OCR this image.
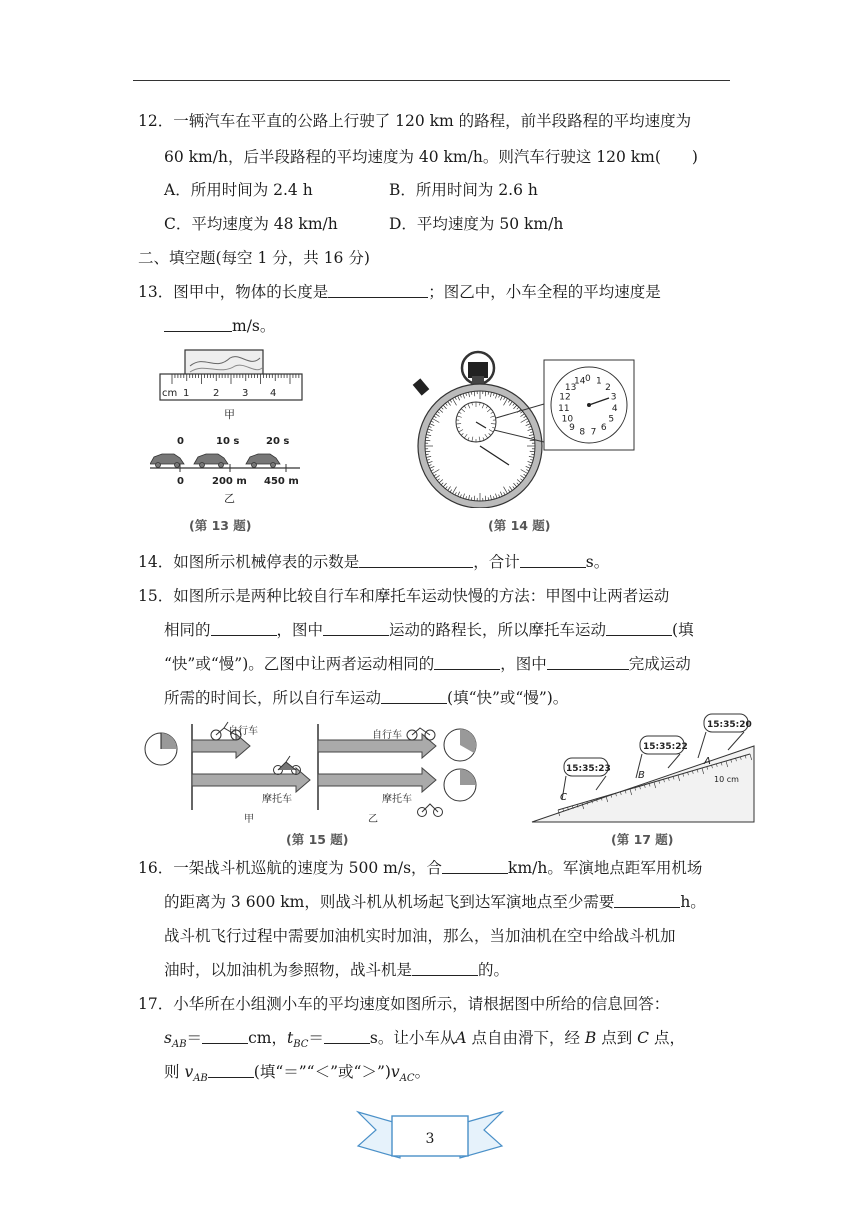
12．一辆汽车在平直的公路上行驶了 120 km 的路程，前半段路程的平均速度为
60 km/h，后半段路程的平均速度为 40 km/h。则汽车行驶这 120 km(　　)
A．所用时间为 2.4 h	B．所用时间为 2.6 h
C．平均速度为 48 km/h	D．平均速度为 50 km/h
二、填空题(每空 1 分，共 16 分)
13．图甲中，物体的长度是	；图乙中，小车全程的平均速度是
m/s。
cm 1 2 3 4
甲
0	10 s	20 s
0	200 m 450 m
乙
(第 13 题)
0 1
2
3
4
5
6
7
8
9
10
11
12
13
14
(第 14 题)
14．如图所示机械停表的示数是	，合计	s。
15．如图所示是两种比较自行车和摩托车运动快慢的方法：甲图中让两者运动
相同的	，图中	运动的路程长，所以摩托车运动	(填
“快”或“慢”)。乙图中让两者运动相同的	，图中	完成运动
所需的时间长，所以自行车运动	(填“快”或“慢”)。
自行车
摩托车
甲
自行车
摩托车
乙
(第 15 题)
10 cm
15:35:20
15:35:22
15:35:23
A
B
C
(第 17 题)
16．一架战斗机巡航的速度为 500 m/s，合	km/h。军演地点距军用机场
的距离为 3 600 km，则战斗机从机场起飞到达军演地点至少需要	h。
战斗机飞行过程中需要加油机实时加油，那么，当加油机在空中给战斗机加
油时，以加油机为参照物，战斗机是	的。
17．小华所在小组测小车的平均速度如图所示，请根据图中所给的信息回答：
$s_{AB}=$	cm，$t_{BC}=$	s。让小车从A 点自由滑下，经 B 点到 C 点，
则 $v_{AB}$	(填“＝”“＜”或“$>”)v_{AC}$。
3
